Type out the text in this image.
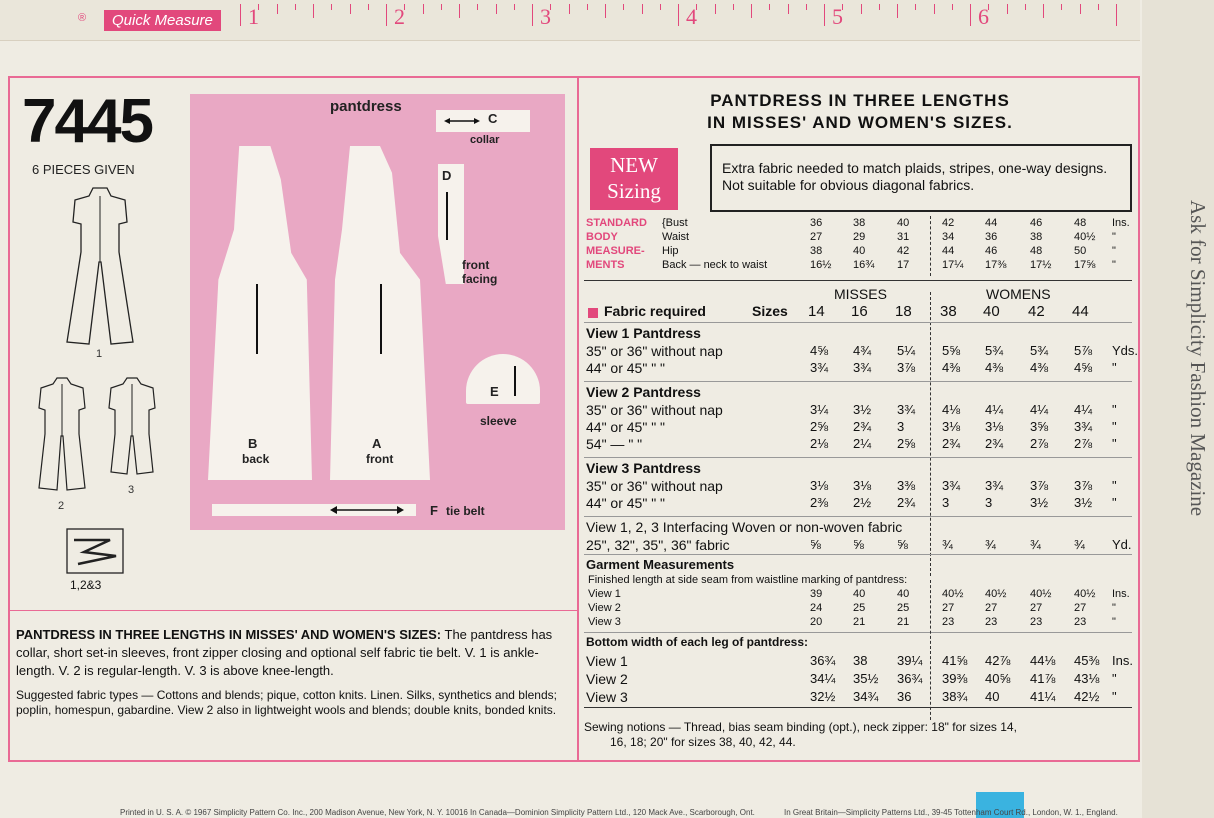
®	Quick Measure	1	2	3	4	5	6
7445
6 PIECES GIVEN
1
2
3
1,2&3
pantdress
C
collar
D
front facing
E
sleeve
B
back
A
front
F tie belt
PANTDRESS IN THREE LENGTHS IN MISSES' AND WOMEN'S SIZES: The pantdress has collar, short set-in sleeves, front zipper closing and optional self fabric tie belt. V. 1 is ankle-length. V. 2 is regular-length. V. 3 is above knee-length.
Suggested fabric types — Cottons and blends; pique, cotton knits. Linen. Silks, synthetics and blends; poplin, homespun, gabardine. View 2 also in lightweight wools and blends; double knits, bonded knits.
PANTDRESS IN THREE LENGTHS
IN MISSES' AND WOMEN'S SIZES.
NEW
Sizing
Extra fabric needed to match plaids, stripes, one-way designs.
Not suitable for obvious diagonal fabrics.
STANDARD
BODY
MEASURE-
MENTS
{Bust	36	38	40	42	44	46	48 Ins.
Waist	27	29	31	34	36	38	40½ "
Hip	38	40	42	44	46	48	50 "
Back — neck to waist	16½ 16¾ 17	17¼ 17⅜ 17½ 17⅝ "
MISSES	WOMENS
Fabric required	Sizes 14 16 18 38 40 42 44
View 1 Pantdress
35" or 36" without nap	4⅝ 4¾ 5¼ 5⅝ 5¾ 5¾ 5⅞ Yds.
44" or 45" " "	3¾ 3¾ 3⅞ 4⅜ 4⅜ 4⅜ 4⅝ "
View 2 Pantdress
35" or 36" without nap	3¼ 3½ 3¾ 4⅛ 4¼ 4¼ 4¼ "
44" or 45" " "	2⅝ 2¾ 3	3⅛ 3⅛ 3⅝ 3¾ "
54" — " "	2⅛ 2¼ 2⅝ 2¾ 2¾ 2⅞ 2⅞ "
View 3 Pantdress
35" or 36" without nap	3⅛ 3⅛ 3⅜ 3¾ 3¾ 3⅞ 3⅞ "
44" or 45" " "	2⅜ 2½ 2¾ 3	3	3½ 3½ "
View 1, 2, 3 Interfacing Woven or non-woven fabric
25", 32", 35", 36" fabric	⅝ ⅝	⅝	¾ ¾	¾	¾ Yd.
Garment Measurements
Finished length at side seam from waistline marking of pantdress:
View 1	39	40	40	40½ 40½ 40½ 40½ Ins.
View 2	24	25	25	27	27	27	27 "
View 3	20	21	21	23	23	23	23 "
Bottom width of each leg of pantdress:
View 1	36¾ 38 39¼ 41⅝ 42⅞ 44⅛ 45⅜ Ins.
View 2	34¼ 35½ 36¾ 39⅜ 40⅝ 41⅞ 43⅛ "
View 3	32½ 34¾ 36 38¾ 40 41¼ 42½ "
Sewing notions — Thread, bias seam binding (opt.), neck zipper: 18" for sizes 14,
16, 18; 20" for sizes 38, 40, 42, 44.
Ask for Simplicity Fashion Magazine
Printed in U. S. A. © 1967 Simplicity Pattern Co. Inc., 200 Madison Avenue, New York, N. Y. 10016 In Canada—Dominion Simplicity Pattern Ltd., 120 Mack Ave., Scarborough, Ont.	In Great Britain—Simplicity Patterns Ltd., 39-45 Tottenham Court Rd., London, W. 1., England.
